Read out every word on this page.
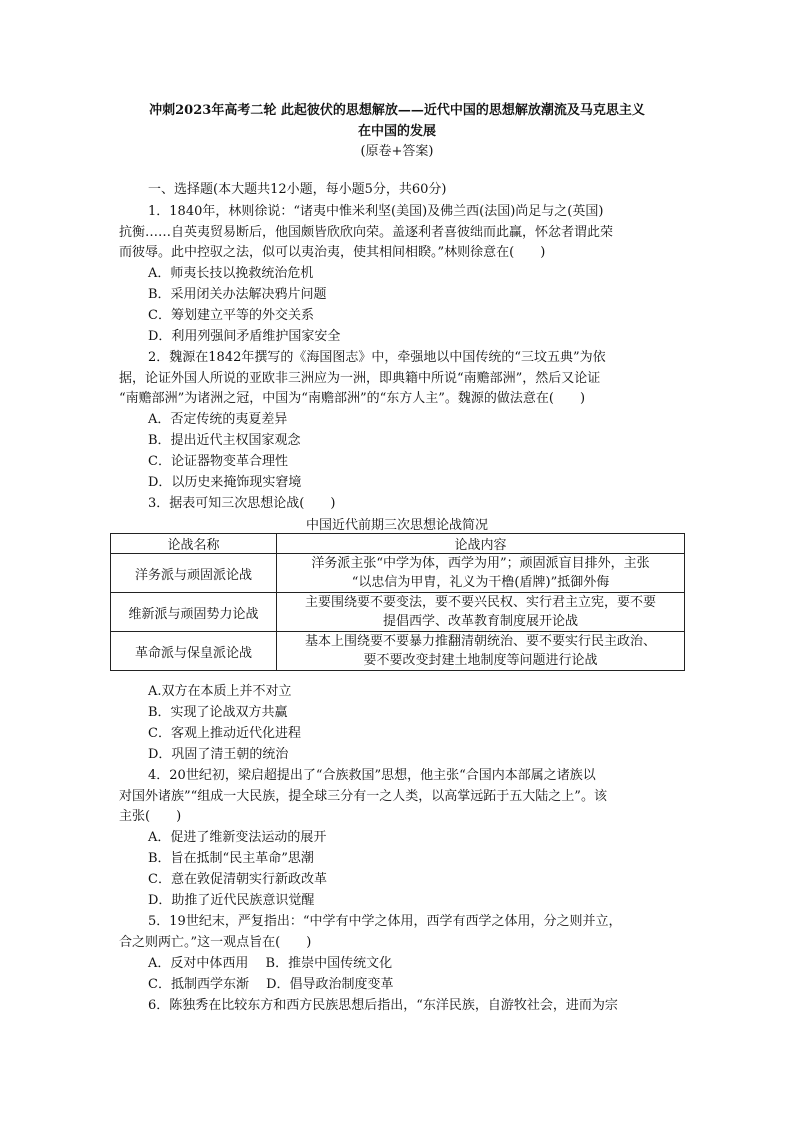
冲刺2023年高考二轮 此起彼伏的思想解放——近代中国的思想解放潮流及马克思主义
在中国的发展
(原卷+答案)
一、选择题(本大题共12小题，每小题5分，共60分)
1．1840年，林则徐说：“诸夷中惟米利坚(美国)及佛兰西(法国)尚足与之(英国)
抗衡……自英夷贸易断后，他国颇皆欣欣向荣。盖逐利者喜彼绌而此赢，怀忿者谓此荣
而彼辱。此中控驭之法，似可以夷治夷，使其相间相睽。”林则徐意在(　　)
A．师夷长技以挽救统治危机
B．采用闭关办法解决鸦片问题
C．筹划建立平等的外交关系
D．利用列强间矛盾维护国家安全
2．魏源在1842年撰写的《海国图志》中，牵强地以中国传统的“三坟五典”为依
据，论证外国人所说的亚欧非三洲应为一洲，即典籍中所说“南赡部洲”，然后又论证
“南赡部洲”为诸洲之冠，中国为“南赡部洲”的“东方人主”。魏源的做法意在(　　)
A．否定传统的夷夏差异
B．提出近代主权国家观念
C．论证器物变革合理性
D．以历史来掩饰现实窘境
3．据表可知三次思想论战(　　)
中国近代前期三次思想论战简况
论战名称	论战内容
洋务派与顽固派论战	洋务派主张“中学为体，西学为用”；顽固派盲目排外，主张
“以忠信为甲胄，礼义为干橹(盾牌)”抵御外侮

维新派与顽固势力论战	主要围绕要不要变法，要不要兴民权、实行君主立宪，要不要
提倡西学、改革教育制度展开论战

革命派与保皇派论战	基本上围绕要不要暴力推翻清朝统治、要不要实行民主政治、
要不要改变封建土地制度等问题进行论战
A.双方在本质上并不对立
B．实现了论战双方共赢
C．客观上推动近代化进程
D．巩固了清王朝的统治
4．20世纪初，梁启超提出了“合族救国”思想，他主张“合国内本部属之诸族以
对国外诸族”“组成一大民族，提全球三分有一之人类，以高掌远跖于五大陆之上”。该
主张(　　)
A．促进了维新变法运动的展开
B．旨在抵制“民主革命”思潮
C．意在敦促清朝实行新政改革
D．助推了近代民族意识觉醒
5．19世纪末，严复指出：“中学有中学之体用，西学有西学之体用，分之则并立，
合之则两亡。”这一观点旨在(　　)
A．反对中体西用　 B．推崇中国传统文化
C．抵制西学东渐　 D．倡导政治制度变革
6．陈独秀在比较东方和西方民族思想后指出，“东洋民族，自游牧社会，进而为宗
